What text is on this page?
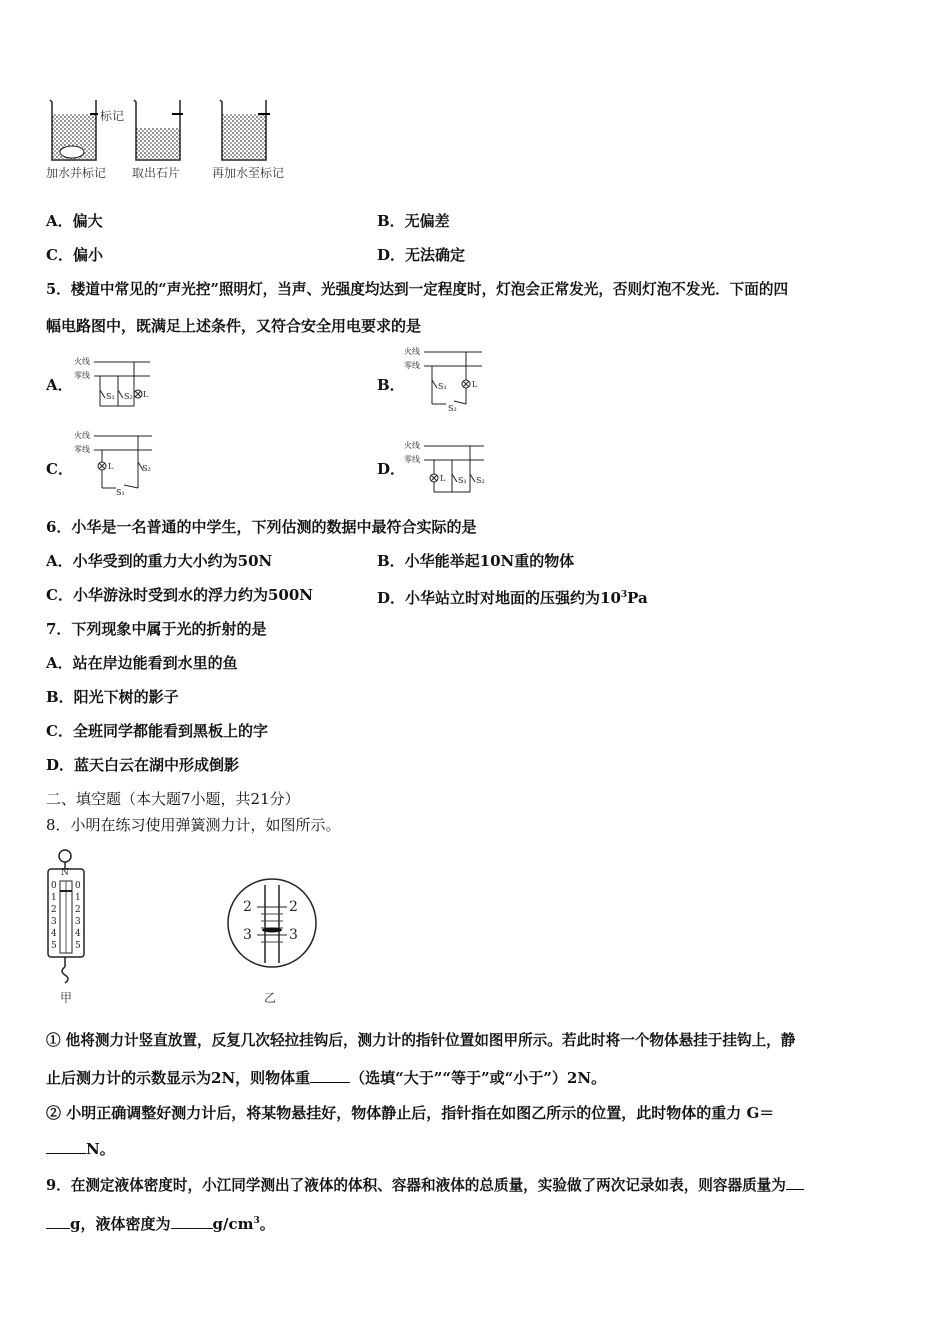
标记
加水并标记 取出石片	再加水至标记
A．偏大	B．无偏差
C．偏小	D．无法确定
5．楼道中常见的“声光控”照明灯，当声、光强度均达到一定程度时，灯泡会正常发光，否则灯泡不发光．下面的四
幅电路图中，既满足上述条件，又符合安全用电要求的是
A．
火线
零线
S₁ S₂ L
B．
火线
零线
S₁	L
S₂
C．
火线
零线
L	S₂
S₁
D．
火线
零线
L S₁ S₂
6．小华是一名普通的中学生，下列估测的数据中最符合实际的是
A．小华受到的重力大小约为50N	B．小华能举起10N重的物体
C．小华游泳时受到水的浮力约为500N	D．小华站立时对地面的压强约为$10^3Pa$
7．下列现象中属于光的折射的是
A．站在岸边能看到水里的鱼
B．阳光下树的影子
C．全班同学都能看到黑板上的字
D．蓝天白云在湖中形成倒影
二、填空题（本大题7小题，共21分）
8．小明在练习使用弹簧测力计，如图所示。
N
0
1
2
3
4
5
0
1
2
3
4
5
2	2
3	3
甲	乙
① 他将测力计竖直放置，反复几次轻拉挂钩后，测力计的指针位置如图甲所示。若此时将一个物体悬挂于挂钩上，静
止后测力计的示数显示为2N，则物体重	（选填“大于”“等于”或“小于”）2N。
② 小明正确调整好测力计后，将某物悬挂好，物体静止后，指针指在如图乙所示的位置，此时物体的重力 G＝
N。
9．在测定液体密度时，小江同学测出了液体的体积、容器和液体的总质量，实验做了两次记录如表，则容器质量为
g，液体密度为	$g/cm^3$。
